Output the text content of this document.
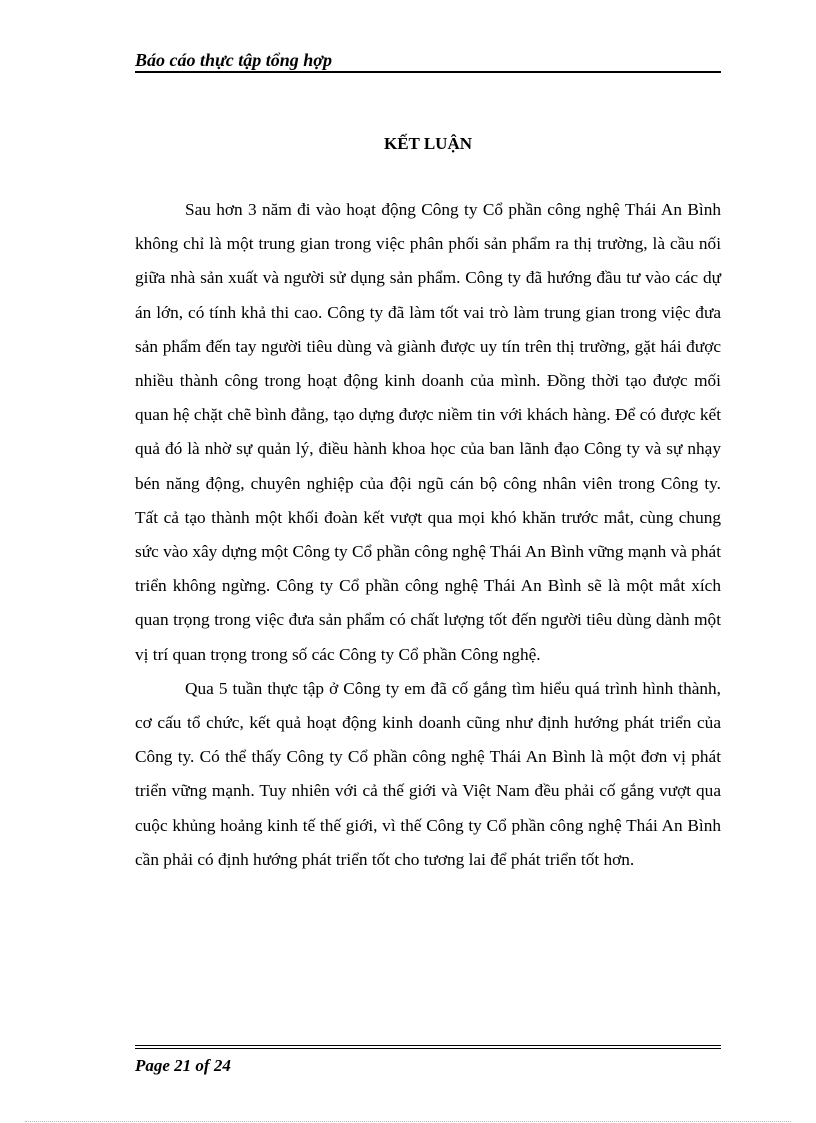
Báo cáo thực tập tổng hợp
KẾT LUẬN

Sau hơn 3 năm đi vào hoạt động Công ty Cổ phần công nghệ Thái An Bình không chỉ là một trung gian trong việc phân phối sản phẩm ra thị trường, là cầu nối giữa nhà sản xuất và người sử dụng sản phẩm. Công ty đã hướng đầu tư vào các dự án lớn, có tính khả thi cao. Công ty đã làm tốt vai trò làm trung gian trong việc đưa sản phẩm đến tay người tiêu dùng và giành được uy tín trên thị trường, gặt hái được nhiều thành công trong hoạt động kinh doanh của mình. Đồng thời tạo được mối quan hệ chặt chẽ bình đẳng, tạo dựng được niềm tin với khách hàng. Để có được kết quả đó là nhờ sự quản lý, điều hành khoa học của ban lãnh đạo Công ty và sự nhạy bén năng động, chuyên nghiệp của đội ngũ cán bộ công nhân viên trong Công ty. Tất cả tạo thành một khối đoàn kết vượt qua mọi khó khăn trước mắt, cùng chung sức vào xây dựng một Công ty Cổ phần công nghệ Thái An Bình vững mạnh và phát triển không ngừng. Công ty Cổ phần công nghệ Thái An Bình sẽ là một mắt xích quan trọng trong việc đưa sản phẩm có chất lượng tốt đến người tiêu dùng dành một vị trí quan trọng trong số các Công ty Cổ phần Công nghệ.

Qua 5 tuần thực tập ở Công ty em đã cố gắng tìm hiểu quá trình hình thành, cơ cấu tổ chức, kết quả hoạt động kinh doanh cũng như định hướng phát triển của Công ty. Có thể thấy Công ty Cổ phần công nghệ Thái An Bình là một đơn vị phát triển vững mạnh. Tuy nhiên với cả thế giới và Việt Nam đều phải cố gắng vượt qua cuộc khủng hoảng kinh tế thế giới, vì thế Công ty Cổ phần công nghệ Thái An Bình cần phải có định hướng phát triển tốt cho tương lai để phát triển tốt hơn.

Page 21 of 24
